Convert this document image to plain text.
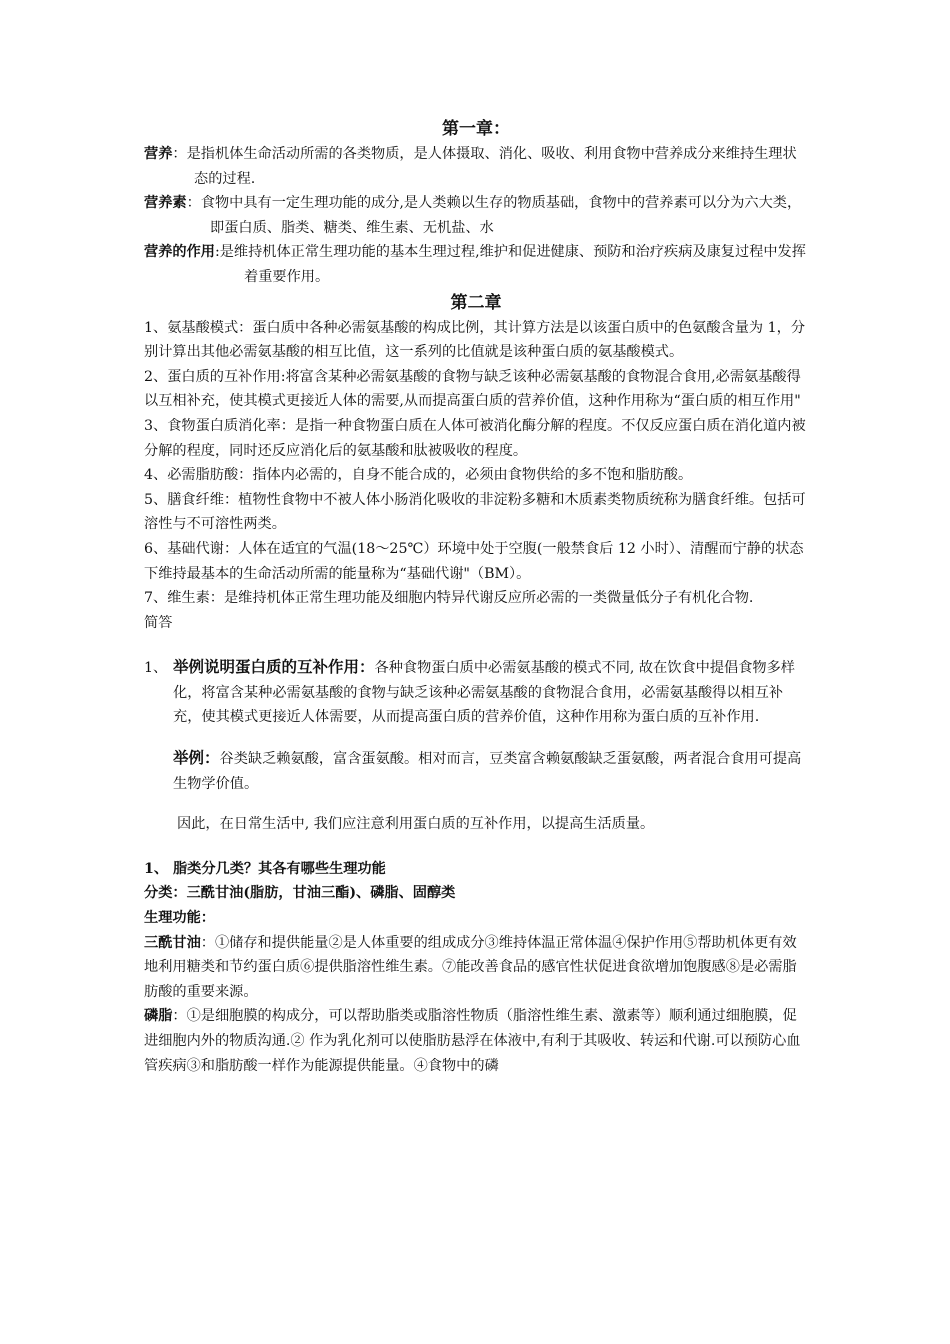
第一章：

营养：是指机体生命活动所需的各类物质，是人体摄取、消化、吸收、利用食物中营养成分来维持生理状态的过程.

营养素：食物中具有一定生理功能的成分,是人类赖以生存的物质基础，食物中的营养素可以分为六大类，即蛋白质、脂类、糖类、维生素、无机盐、水

营养的作用:是维持机体正常生理功能的基本生理过程,维护和促进健康、预防和治疗疾病及康复过程中发挥着重要作用。

第二章

1、氨基酸模式：蛋白质中各种必需氨基酸的构成比例，其计算方法是以该蛋白质中的色氨酸含量为 1，分别计算出其他必需氨基酸的相互比值，这一系列的比值就是该种蛋白质的氨基酸模式。

2、蛋白质的互补作用:将富含某种必需氨基酸的食物与缺乏该种必需氨基酸的食物混合食用,必需氨基酸得以互相补充，使其模式更接近人体的需要,从而提高蛋白质的营养价值，这种作用称为“蛋白质的相互作用"

3、食物蛋白质消化率：是指一种食物蛋白质在人体可被消化酶分解的程度。不仅反应蛋白质在消化道内被分解的程度，同时还反应消化后的氨基酸和肽被吸收的程度。

4、必需脂肪酸：指体内必需的，自身不能合成的，必须由食物供给的多不饱和脂肪酸。

5、膳食纤维：植物性食物中不被人体小肠消化吸收的非淀粉多糖和木质素类物质统称为膳食纤维。包括可溶性与不可溶性两类。

6、基础代谢：人体在适宜的气温(18～25℃）环境中处于空腹(一般禁食后 12 小时）、清醒而宁静的状态下维持最基本的生命活动所需的能量称为“基础代谢"（BM）。

7、维生素：是维持机体正常生理功能及细胞内特异代谢反应所必需的一类微量低分子有机化合物.

简答

1、 举例说明蛋白质的互补作用：各种食物蛋白质中必需氨基酸的模式不同, 故在饮食中提倡食物多样化，将富含某种必需氨基酸的食物与缺乏该种必需氨基酸的食物混合食用，必需氨基酸得以相互补充，使其模式更接近人体需要，从而提高蛋白质的营养价值，这种作用称为蛋白质的互补作用.

举例：谷类缺乏赖氨酸，富含蛋氨酸。相对而言，豆类富含赖氨酸缺乏蛋氨酸，两者混合食用可提高生物学价值。

因此，在日常生活中, 我们应注意利用蛋白质的互补作用，以提高生活质量。

1、 脂类分几类？其各有哪些生理功能

分类：三酰甘油(脂肪，甘油三酯)、磷脂、固醇类

生理功能：

三酰甘油：①储存和提供能量②是人体重要的组成成分③维持体温正常体温④保护作用⑤帮助机体更有效地利用糖类和节约蛋白质⑥提供脂溶性维生素。⑦能改善食品的感官性状促进食欲增加饱腹感⑧是必需脂肪酸的重要来源。

磷脂：①是细胞膜的构成分，可以帮助脂类或脂溶性物质（脂溶性维生素、激素等）顺利通过细胞膜，促进细胞内外的物质沟通.② 作为乳化剂可以使脂肪悬浮在体液中,有利于其吸收、转运和代谢.可以预防心血管疾病③和脂肪酸一样作为能源提供能量。④食物中的磷
